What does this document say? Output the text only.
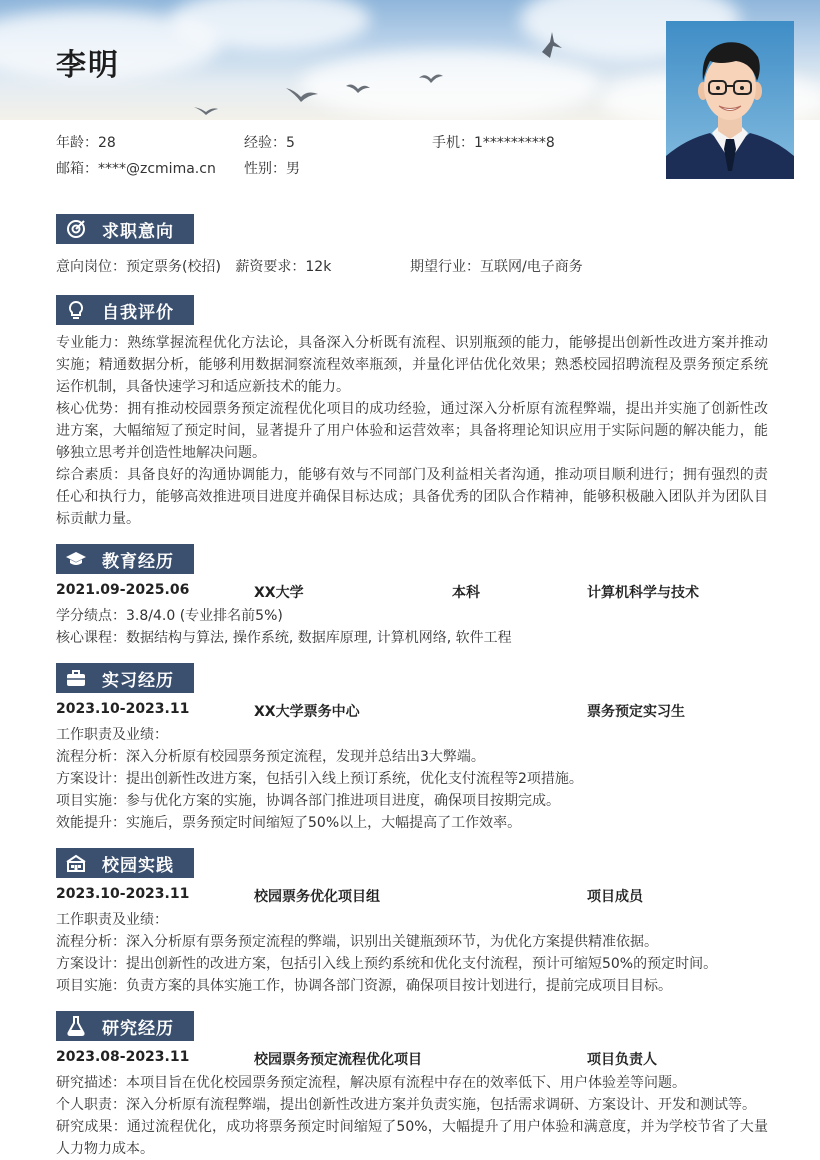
李明
年龄：28	经验：5	手机：1*********8
邮箱：****@zcmima.cn 性别：男
求职意向
意向岗位：预定票务(校招) 薪资要求：12k	期望行业：互联网/电子商务
自我评价
专业能力：熟练掌握流程优化方法论，具备深入分析既有流程、识别瓶颈的能力，能够提出创新性改进方案并推动实施；精通数据分析，能够利用数据洞察流程效率瓶颈，并量化评估优化效果；熟悉校园招聘流程及票务预定系统运作机制，具备快速学习和适应新技术的能力。
核心优势：拥有推动校园票务预定流程优化项目的成功经验，通过深入分析原有流程弊端，提出并实施了创新性改进方案，大幅缩短了预定时间，显著提升了用户体验和运营效率；具备将理论知识应用于实际问题的解决能力，能够独立思考并创造性地解决问题。
综合素质：具备良好的沟通协调能力，能够有效与不同部门及利益相关者沟通，推动项目顺利进行；拥有强烈的责任心和执行力，能够高效推进项目进度并确保目标达成；具备优秀的团队合作精神，能够积极融入团队并为团队目标贡献力量。
教育经历
2021.09-2025.06	XX大学	本科	计算机科学与技术
学分绩点：3.8/4.0 (专业排名前5%)
核心课程：数据结构与算法, 操作系统, 数据库原理, 计算机网络, 软件工程
实习经历
2023.10-2023.11	XX大学票务中心	票务预定实习生
工作职责及业绩：
流程分析：深入分析原有校园票务预定流程，发现并总结出3大弊端。
方案设计：提出创新性改进方案，包括引入线上预订系统，优化支付流程等2项措施。
项目实施：参与优化方案的实施，协调各部门推进项目进度，确保项目按期完成。
效能提升：实施后，票务预定时间缩短了50%以上，大幅提高了工作效率。
校园实践
2023.10-2023.11	校园票务优化项目组	项目成员
工作职责及业绩：
流程分析：深入分析原有票务预定流程的弊端，识别出关键瓶颈环节，为优化方案提供精准依据。
方案设计：提出创新性的改进方案，包括引入线上预约系统和优化支付流程，预计可缩短50%的预定时间。
项目实施：负责方案的具体实施工作，协调各部门资源，确保项目按计划进行，提前完成项目目标。
研究经历
2023.08-2023.11	校园票务预定流程优化项目	项目负责人
研究描述：本项目旨在优化校园票务预定流程，解决原有流程中存在的效率低下、用户体验差等问题。
个人职责：深入分析原有流程弊端，提出创新性改进方案并负责实施，包括需求调研、方案设计、开发和测试等。
研究成果：通过流程优化，成功将票务预定时间缩短了50%，大幅提升了用户体验和满意度，并为学校节省了大量人力物力成本。
